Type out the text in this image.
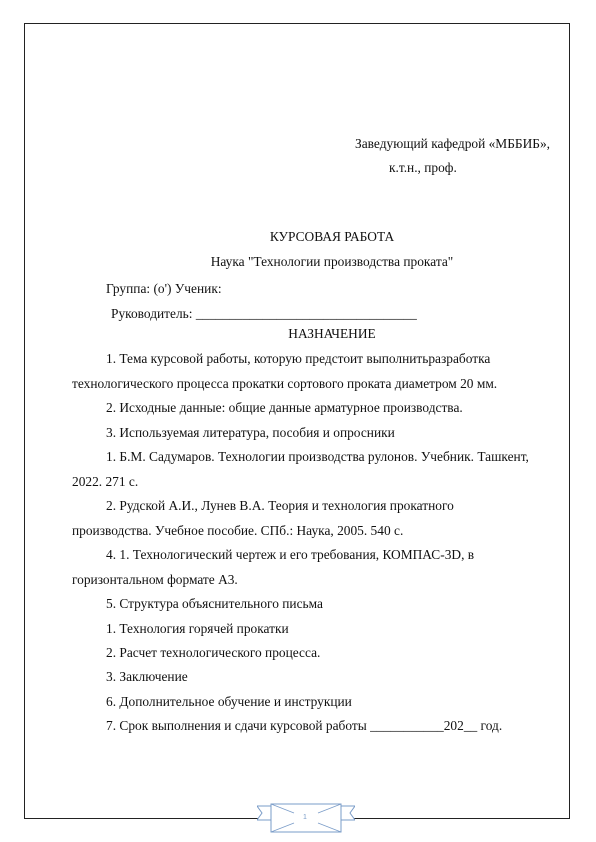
Заведующий кафедрой «МББИБ»,

к.т.н., проф.

КУРСОВАЯ РАБОТА

Наука "Технологии производства проката"

Группа: (o') Ученик:

Руководитель: _________________________________

НАЗНАЧЕНИЕ

1. Тема курсовой работы, которую предстоит выполнитьразработка

технологического процесса прокатки сортового проката диаметром 20 мм.

2. Исходные данные: общие данные арматурное производства.

3. Используемая литература, пособия и опросники

1. Б.М. Садумаров. Технологии производства рулонов. Учебник. Ташкент,

2022. 271 с.

2. Рудской А.И., Лунев В.А. Теория и технология прокатного

производства. Учебное пособие. СПб.: Наука, 2005. 540 с.

4. 1. Технологический чертеж и его требования, КОМПАС-3D, в

горизонтальном формате А3.

5. Структура объяснительного письма

1. Технология горячей прокатки

2. Расчет технологического процесса.

3. Заключение

6. Дополнительное обучение и инструкции

7. Срок выполнения и сдачи курсовой работы ___________202__ год.

1
